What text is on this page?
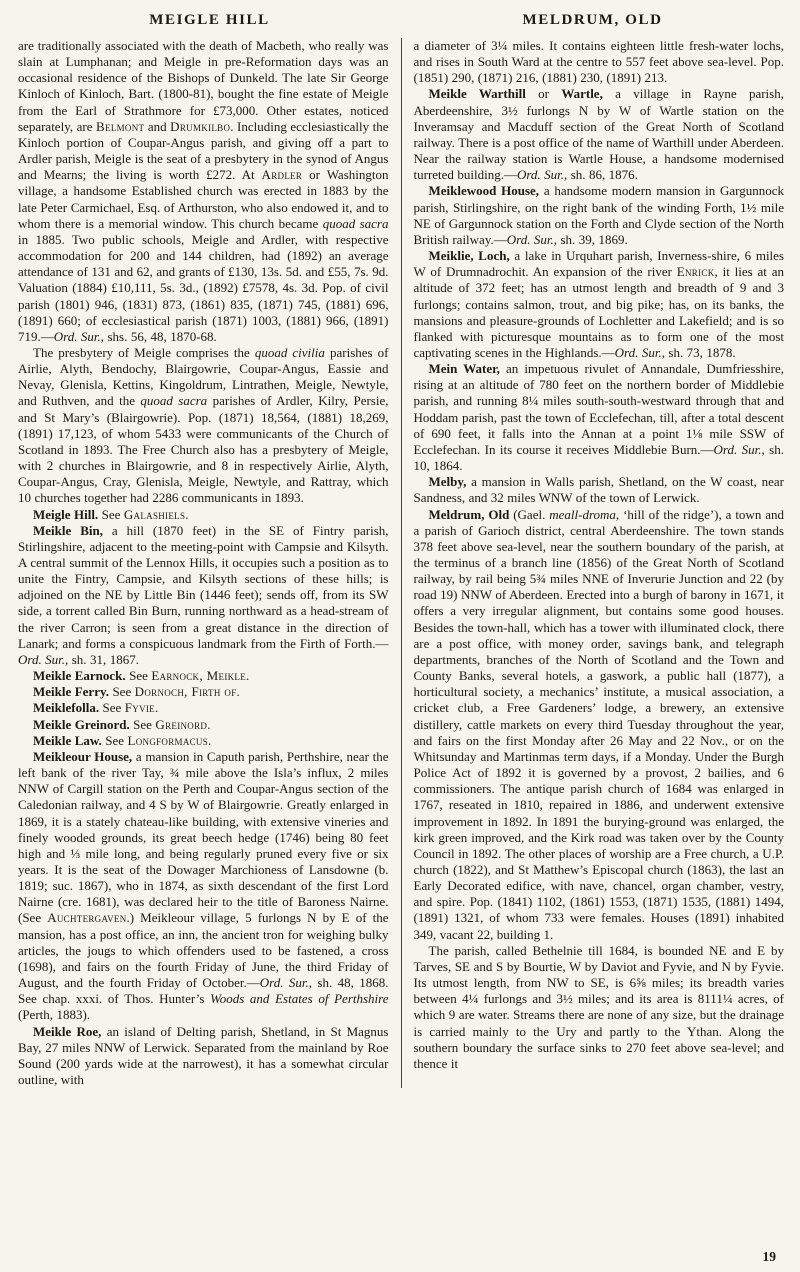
MEIGLE HILL	MELDRUM, OLD

are traditionally associated with the death of Macbeth, who really was slain at Lumphanan; and Meigle in pre-Reformation days was an occasional residence of the Bishops of Dunkeld. The late Sir George Kinloch of Kinloch, Bart. (1800-81), bought the fine estate of Meigle from the Earl of Strathmore for £73,000. Other estates, noticed separately, are Belmont and Drumkilbo. Including ecclesiastically the Kinloch portion of Coupar-Angus parish, and giving off a part to Ardler parish, Meigle is the seat of a presbytery in the synod of Angus and Mearns; the living is worth £272. At Ardler or Washington village, a handsome Established church was erected in 1883 by the late Peter Carmichael, Esq. of Arthurston, who also endowed it, and to whom there is a memorial window. This church became quoad sacra in 1885. Two public schools, Meigle and Ardler, with respective accommodation for 200 and 144 children, had (1892) an average attendance of 131 and 62, and grants of £130, 13s. 5d. and £55, 7s. 9d. Valuation (1884) £10,111, 5s. 3d., (1892) £7578, 4s. 3d. Pop. of civil parish (1801) 946, (1831) 873, (1861) 835, (1871) 745, (1881) 696, (1891) 660; of ecclesiastical parish (1871) 1003, (1881) 966, (1891) 719.—Ord. Sur., shs. 56, 48, 1870-68.

The presbytery of Meigle comprises the quoad civilia parishes of Airlie, Alyth, Bendochy, Blairgowrie, Coupar-Angus, Eassie and Nevay, Glenisla, Kettins, Kingoldrum, Lintrathen, Meigle, Newtyle, and Ruthven, and the quoad sacra parishes of Ardler, Kilry, Persie, and St Mary’s (Blairgowrie). Pop. (1871) 18,564, (1881) 18,269, (1891) 17,123, of whom 5433 were communicants of the Church of Scotland in 1893. The Free Church also has a presbytery of Meigle, with 2 churches in Blairgowrie, and 8 in respectively Airlie, Alyth, Coupar-Angus, Cray, Glenisla, Meigle, Newtyle, and Rattray, which 10 churches together had 2286 communicants in 1893.

Meigle Hill. See Galashiels.

Meikle Bin, a hill (1870 feet) in the SE of Fintry parish, Stirlingshire, adjacent to the meeting-point with Campsie and Kilsyth. A central summit of the Lennox Hills, it occupies such a position as to unite the Fintry, Campsie, and Kilsyth sections of these hills; is adjoined on the NE by Little Bin (1446 feet); sends off, from its SW side, a torrent called Bin Burn, running northward as a head-stream of the river Carron; is seen from a great distance in the direction of Lanark; and forms a conspicuous landmark from the Firth of Forth.—Ord. Sur., sh. 31, 1867.

Meikle Earnock. See Earnock, Meikle.

Meikle Ferry. See Dornoch, Firth of.

Meiklefolla. See Fyvie.

Meikle Greinord. See Greinord.

Meikle Law. See Longformacus.

Meikleour House, a mansion in Caputh parish, Perthshire, near the left bank of the river Tay, ¾ mile above the Isla’s influx, 2 miles NNW of Cargill station on the Perth and Coupar-Angus section of the Caledonian railway, and 4 S by W of Blairgowrie. Greatly enlarged in 1869, it is a stately chateau-like building, with extensive vineries and finely wooded grounds, its great beech hedge (1746) being 80 feet high and ⅓ mile long, and being regularly pruned every five or six years. It is the seat of the Dowager Marchioness of Lansdowne (b. 1819; suc. 1867), who in 1874, as sixth descendant of the first Lord Nairne (cre. 1681), was declared heir to the title of Baroness Nairne. (See Auchtergaven.) Meikleour village, 5 furlongs N by E of the mansion, has a post office, an inn, the ancient tron for weighing bulky articles, the jougs to which offenders used to be fastened, a cross (1698), and fairs on the fourth Friday of June, the third Friday of August, and the fourth Friday of October.—Ord. Sur., sh. 48, 1868. See chap. xxxi. of Thos. Hunter’s Woods and Estates of Perthshire (Perth, 1883).

Meikle Roe, an island of Delting parish, Shetland, in St Magnus Bay, 27 miles NNW of Lerwick. Separated from the mainland by Roe Sound (200 yards wide at the narrowest), it has a somewhat circular outline, with

a diameter of 3¼ miles. It contains eighteen little fresh-water lochs, and rises in South Ward at the centre to 557 feet above sea-level. Pop. (1851) 290, (1871) 216, (1881) 230, (1891) 213.

Meikle Warthill or Wartle, a village in Rayne parish, Aberdeenshire, 3½ furlongs N by W of Wartle station on the Inveramsay and Macduff section of the Great North of Scotland railway. There is a post office of the name of Warthill under Aberdeen. Near the railway station is Wartle House, a handsome modernised turreted building.—Ord. Sur., sh. 86, 1876.

Meiklewood House, a handsome modern mansion in Gargunnock parish, Stirlingshire, on the right bank of the winding Forth, 1½ mile NE of Gargunnock station on the Forth and Clyde section of the North British railway.—Ord. Sur., sh. 39, 1869.

Meiklie, Loch, a lake in Urquhart parish, Inverness-shire, 6 miles W of Drumnadrochit. An expansion of the river Enrick, it lies at an altitude of 372 feet; has an utmost length and breadth of 9 and 3 furlongs; contains salmon, trout, and big pike; has, on its banks, the mansions and pleasure-grounds of Lochletter and Lakefield; and is so flanked with picturesque mountains as to form one of the most captivating scenes in the Highlands.—Ord. Sur., sh. 73, 1878.

Mein Water, an impetuous rivulet of Annandale, Dumfriesshire, rising at an altitude of 780 feet on the northern border of Middlebie parish, and running 8¼ miles south-south-westward through that and Hoddam parish, past the town of Ecclefechan, till, after a total descent of 690 feet, it falls into the Annan at a point 1⅛ mile SSW of Ecclefechan. In its course it receives Middlebie Burn.—Ord. Sur., sh. 10, 1864.

Melby, a mansion in Walls parish, Shetland, on the W coast, near Sandness, and 32 miles WNW of the town of Lerwick.

Meldrum, Old (Gael. meall-droma, ‘hill of the ridge’), a town and a parish of Garioch district, central Aberdeenshire. The town stands 378 feet above sea-level, near the southern boundary of the parish, at the terminus of a branch line (1856) of the Great North of Scotland railway, by rail being 5¾ miles NNE of Inverurie Junction and 22 (by road 19) NNW of Aberdeen. Erected into a burgh of barony in 1671, it offers a very irregular alignment, but contains some good houses. Besides the town-hall, which has a tower with illuminated clock, there are a post office, with money order, savings bank, and telegraph departments, branches of the North of Scotland and the Town and County Banks, several hotels, a gaswork, a public hall (1877), a horticultural society, a mechanics’ institute, a musical association, a cricket club, a Free Gardeners’ lodge, a brewery, an extensive distillery, cattle markets on every third Tuesday throughout the year, and fairs on the first Monday after 26 May and 22 Nov., or on the Whitsunday and Martinmas term days, if a Monday. Under the Burgh Police Act of 1892 it is governed by a provost, 2 bailies, and 6 commissioners. The antique parish church of 1684 was enlarged in 1767, reseated in 1810, repaired in 1886, and underwent extensive improvement in 1892. In 1891 the burying-ground was enlarged, the kirk green improved, and the Kirk road was taken over by the County Council in 1892. The other places of worship are a Free church, a U.P. church (1822), and St Matthew’s Episcopal church (1863), the last an Early Decorated edifice, with nave, chancel, organ chamber, vestry, and spire. Pop. (1841) 1102, (1861) 1553, (1871) 1535, (1881) 1494, (1891) 1321, of whom 733 were females. Houses (1891) inhabited 349, vacant 22, building 1.

The parish, called Bethelnie till 1684, is bounded NE and E by Tarves, SE and S by Bourtie, W by Daviot and Fyvie, and N by Fyvie. Its utmost length, from NW to SE, is 6⅝ miles; its breadth varies between 4¼ furlongs and 3½ miles; and its area is 8111¼ acres, of which 9 are water. Streams there are none of any size, but the drainage is carried mainly to the Ury and partly to the Ythan. Along the southern boundary the surface sinks to 270 feet above sea-level; and thence it

19
